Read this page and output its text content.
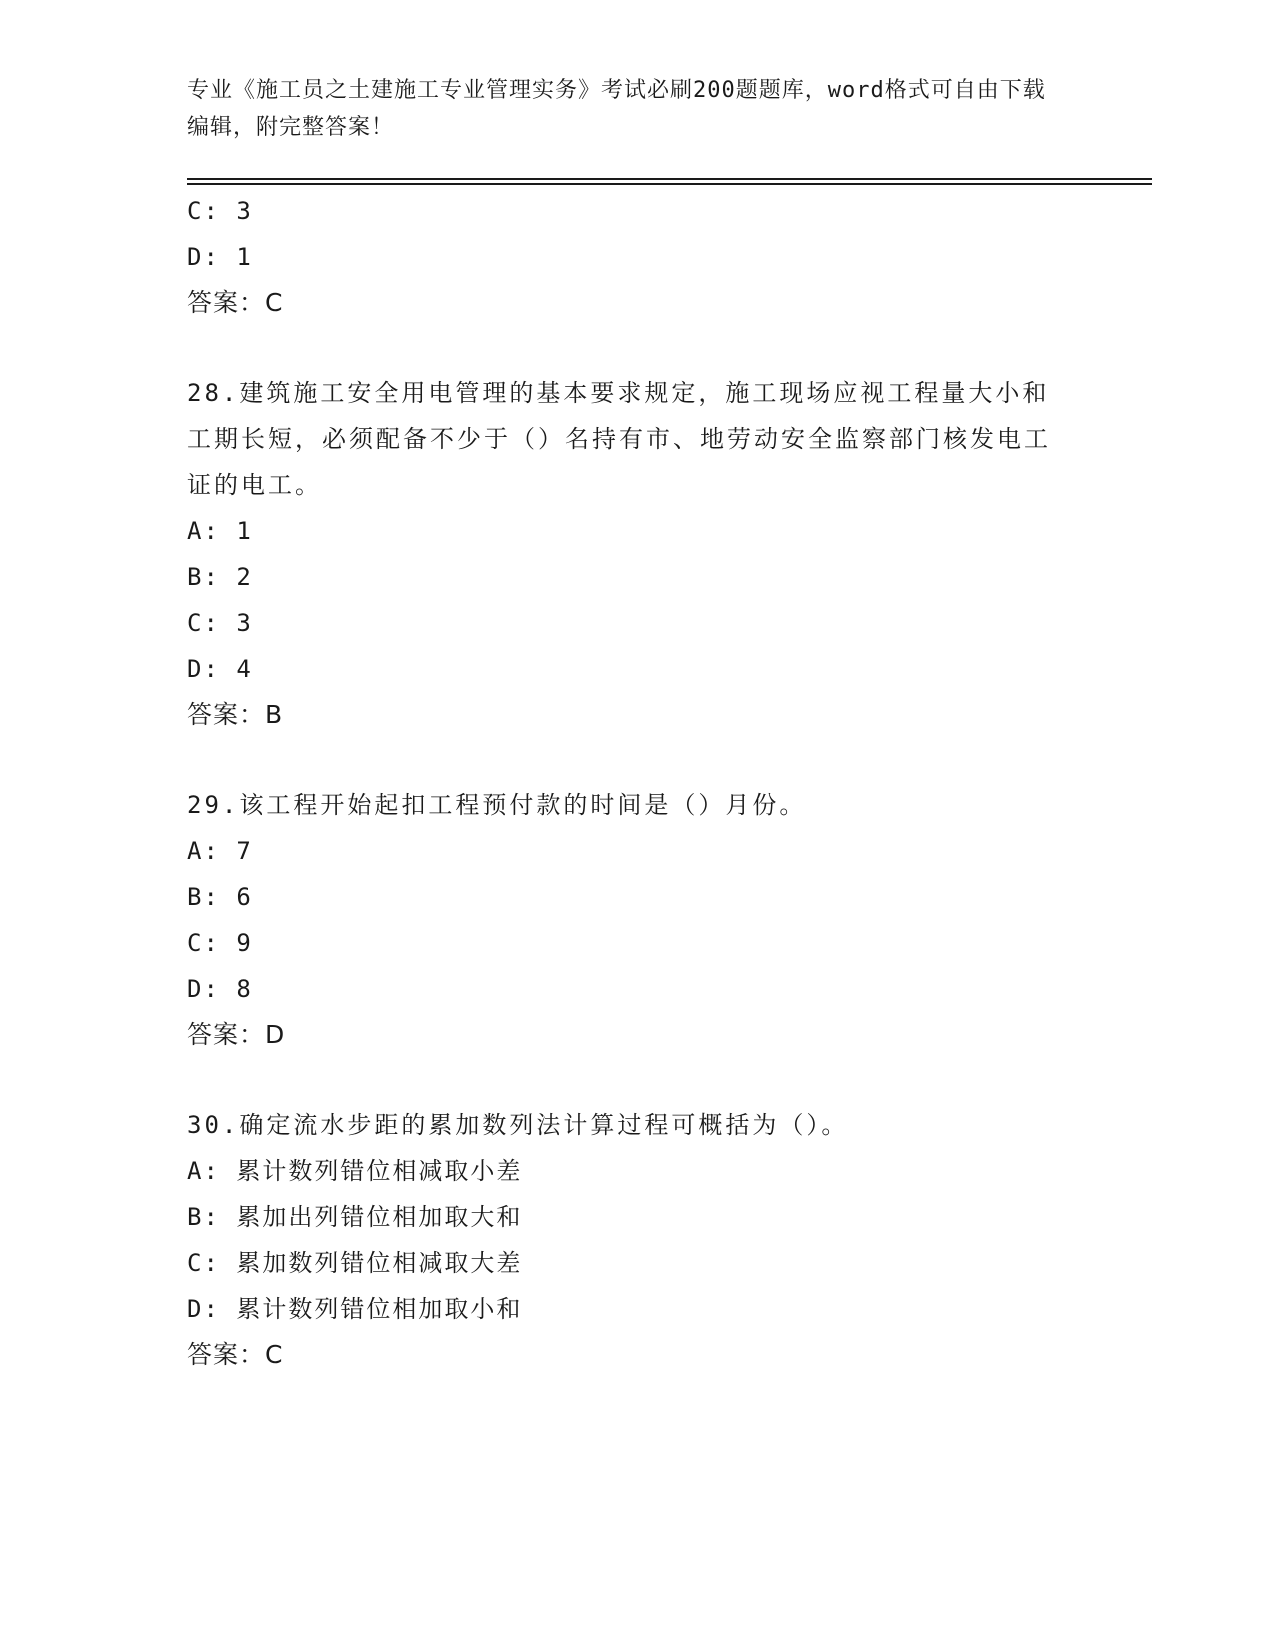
专业《施工员之土建施工专业管理实务》考试必刷200题题库，word格式可自由下载编辑，附完整答案！
C: 3
D: 1
答案：C
28.建筑施工安全用电管理的基本要求规定，施工现场应视工程量大小和工期长短，必须配备不少于（）名持有市、地劳动安全监察部门核发电工证的电工。
A: 1
B: 2
C: 3
D: 4
答案：B
29.该工程开始起扣工程预付款的时间是（）月份。
A: 7
B: 6
C: 9
D: 8
答案：D
30.确定流水步距的累加数列法计算过程可概括为（）。
A: 累计数列错位相减取小差
B: 累加出列错位相加取大和
C: 累加数列错位相减取大差
D: 累计数列错位相加取小和
答案：C
